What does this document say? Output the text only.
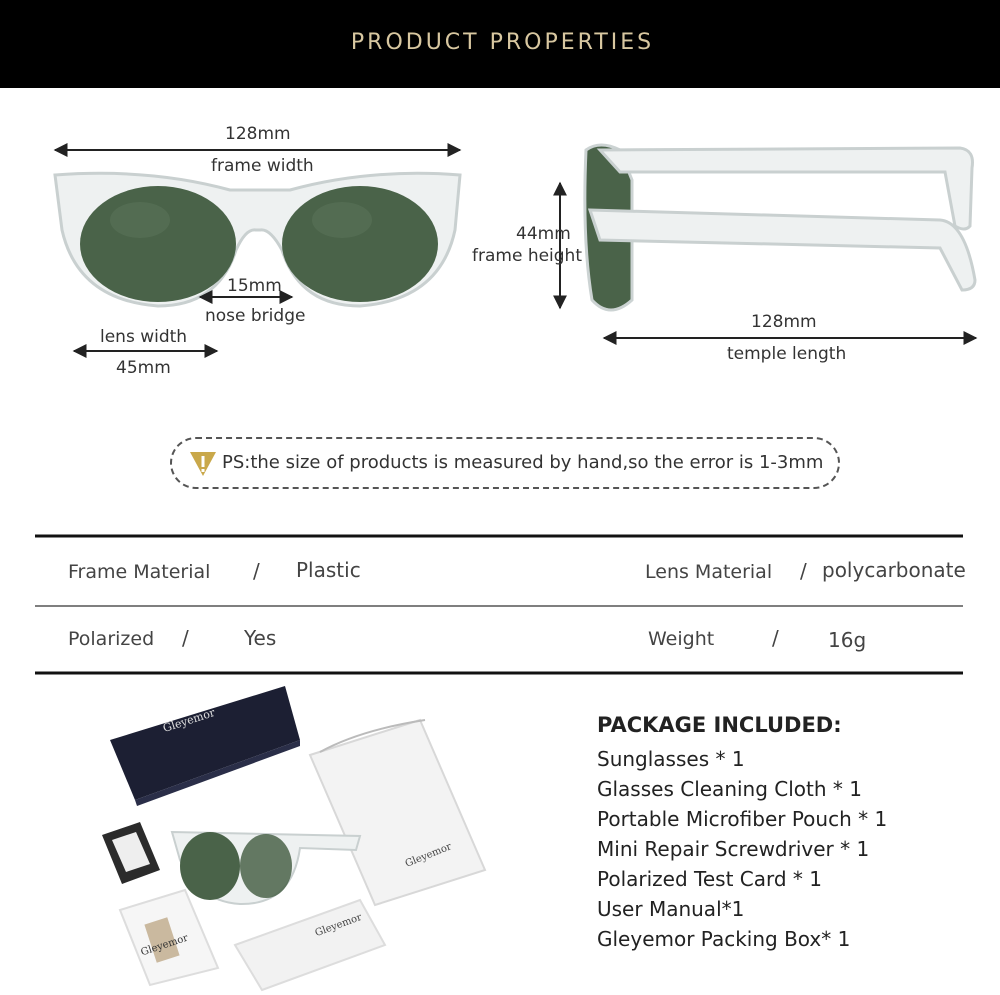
PRODUCT PROPERTIES
128mm
frame width
15mm
nose bridge
lens width
45mm
44mm
frame height
128mm
temple length
PS:the size of products is measured by hand,so the error is 1-3mm
Frame Material / Plastic	Lens Material / polycarbonate
Polarized /	Yes	Weight	/ 16g
Gleyemor
Gleyemor
Gleyemor
Gleyemor
PACKAGE INCLUDED:
Sunglasses * 1
Glasses Cleaning Cloth * 1
Portable Microfiber Pouch * 1
Mini Repair Screwdriver * 1
Polarized Test Card * 1
User Manual*1
Gleyemor Packing Box* 1
